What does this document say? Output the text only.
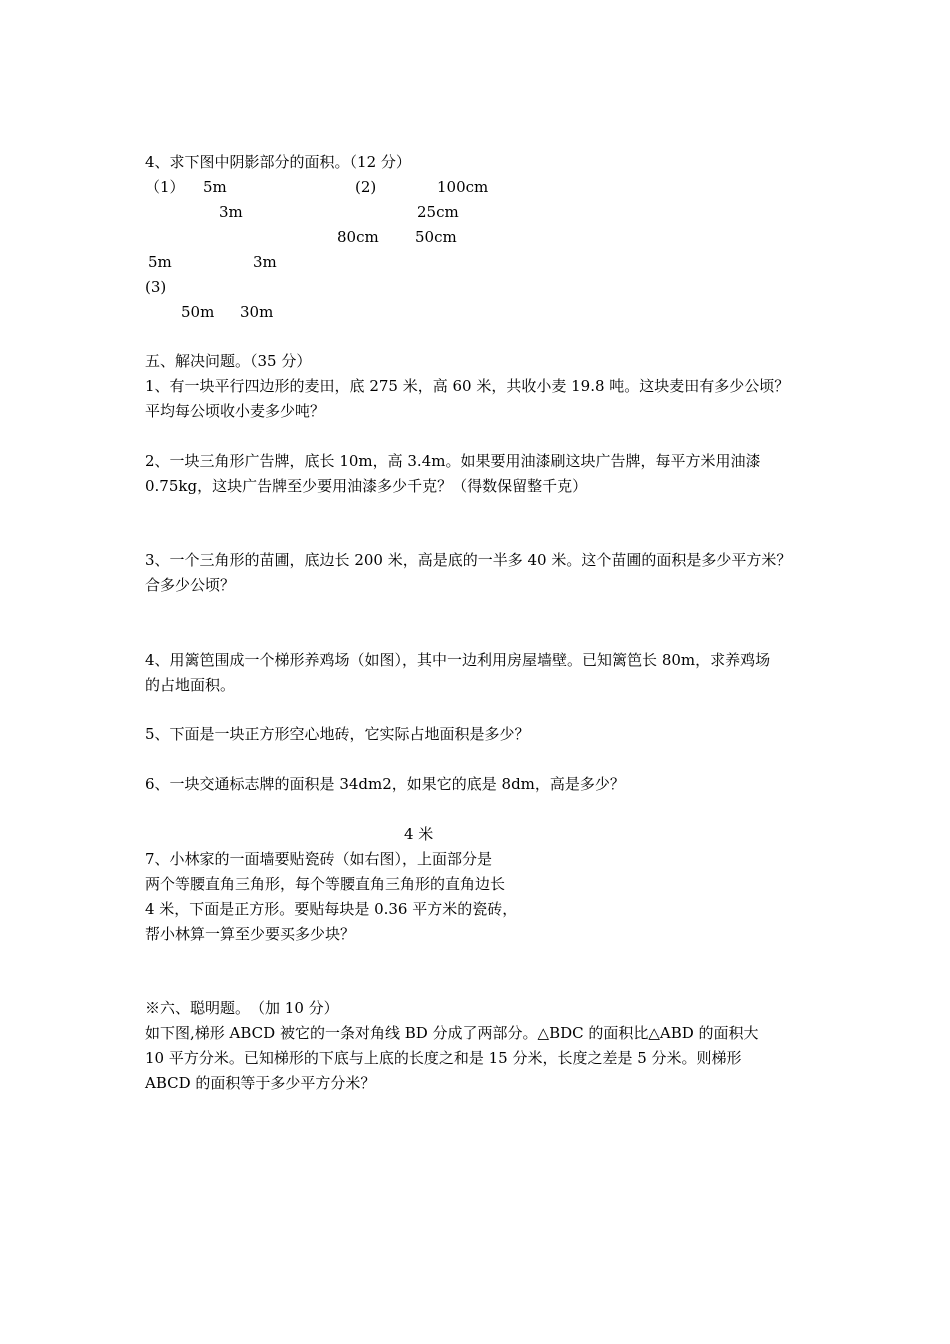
4、求下图中阴影部分的面积。（12 分）
（1） 5m	(2)	100cm
3m	25cm
80cm 50cm
5m	3m
(3)
50m 30m
五、解决问题。（35 分）
1、有一块平行四边形的麦田，底 275 米，高 60 米，共收小麦 19.8 吨。这块麦田有多少公顷？
平均每公顷收小麦多少吨？
2、一块三角形广告牌，底长 10m，高 3.4m。如果要用油漆刷这块广告牌，每平方米用油漆
0.75kg，这块广告牌至少要用油漆多少千克？（得数保留整千克）
3、一个三角形的苗圃，底边长 200 米，高是底的一半多 40 米。这个苗圃的面积是多少平方米？
合多少公顷？
4、用篱笆围成一个梯形养鸡场（如图），其中一边利用房屋墙壁。已知篱笆长 80m，求养鸡场
的占地面积。
5、下面是一块正方形空心地砖，它实际占地面积是多少？
6、一块交通标志牌的面积是 34dm2，如果它的底是 8dm，高是多少？
4 米
7、小林家的一面墙要贴瓷砖（如右图），上面部分是
两个等腰直角三角形，每个等腰直角三角形的直角边长
4 米，下面是正方形。要贴每块是 0.36 平方米的瓷砖，
帮小林算一算至少要买多少块？
※六、聪明题。　（加 10 分）
如下图,梯形 ABCD 被它的一条对角线 BD 分成了两部分。△BDC 的面积比△ABD 的面积大
10 平方分米。已知梯形的下底与上底的长度之和是 15 分米，长度之差是 5 分米。则梯形
ABCD 的面积等于多少平方分米？
